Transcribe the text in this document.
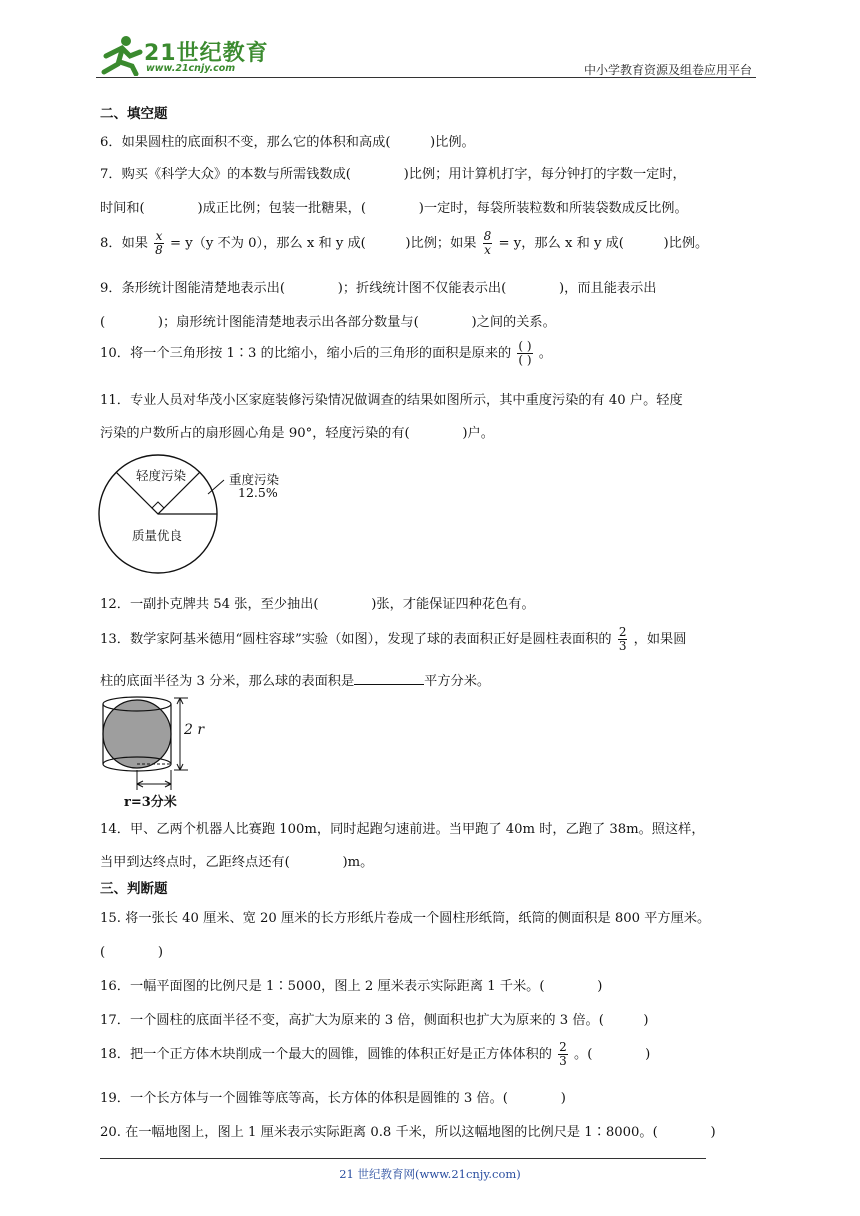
21世纪教育
www.21cnjy.com	中小学教育资源及组卷应用平台
二、填空题
6．如果圆柱的底面积不变，那么它的体积和高成(　　　)比例。
7．购买《科学大众》的本数与所需钱数成(　　　　)比例；用计算机打字，每分钟打的字数一定时，
时间和(　　　　)成正比例；包装一批糖果，(　　　　)一定时，每袋所装粒数和所装袋数成反比例。
8．如果 $\frac{x}{8} = y(y$ 不为 0），那么 x 和 y 成(　　　)比例；如果 $\frac{8}{x} = y$，那么 x 和 y 成(　　　)比例。
9．条形统计图能清楚地表示出(　　　　)；折线统计图不仅能表示出(　　　　)，而且能表示出
(　　　　)；扇形统计图能清楚地表示出各部分数量与(　　　　)之间的关系。
10．将一个三角形按 1∶3 的比缩小，缩小后的三角形的面积是原来的 $\frac{( )}{( )}$ 。
11．专业人员对华茂小区家庭装修污染情况做调查的结果如图所示，其中重度污染的有 40 户。轻度
污染的户数所占的扇形圆心角是 90°，轻度污染的有(　　　　)户。
轻度污染	重度污染
12.5%
质量优良
12．一副扑克牌共 54 张，至少抽出(　　　　)张，才能保证四种花色有。
13．数学家阿基米德用“圆柱容球”实验（如图），发现了球的表面积正好是圆柱表面积的 $\frac{2}{3}$ ，如果圆
柱的底面半径为 3 分米，那么球的表面积是	平方分米。
2 r
r=3分米
14．甲、乙两个机器人比赛跑 100m，同时起跑匀速前进。当甲跑了 40m 时，乙跑了 38m。照这样，
当甲到达终点时，乙距终点还有(　　　　)m。
三、判断题
15. 将一张长 40 厘米、宽 20 厘米的长方形纸片卷成一个圆柱形纸筒，纸筒的侧面积是 800 平方厘米。
(　　　　)
16．一幅平面图的比例尺是 1∶5000，图上 2 厘米表示实际距离 1 千米。(　　　　)
17．一个圆柱的底面半径不变，高扩大为原来的 3 倍，侧面积也扩大为原来的 3 倍。(　　　)
18．把一个正方体木块削成一个最大的圆锥，圆锥的体积正好是正方体体积的 $\frac{2}{3}$ 。(　　　　)
19．一个长方体与一个圆锥等底等高，长方体的体积是圆锥的 3 倍。(　　　　)
20. 在一幅地图上，图上 1 厘米表示实际距离 0.8 千米，所以这幅地图的比例尺是 1∶8000。(　　　　)
21 世纪教育网(www.21cnjy.com)
